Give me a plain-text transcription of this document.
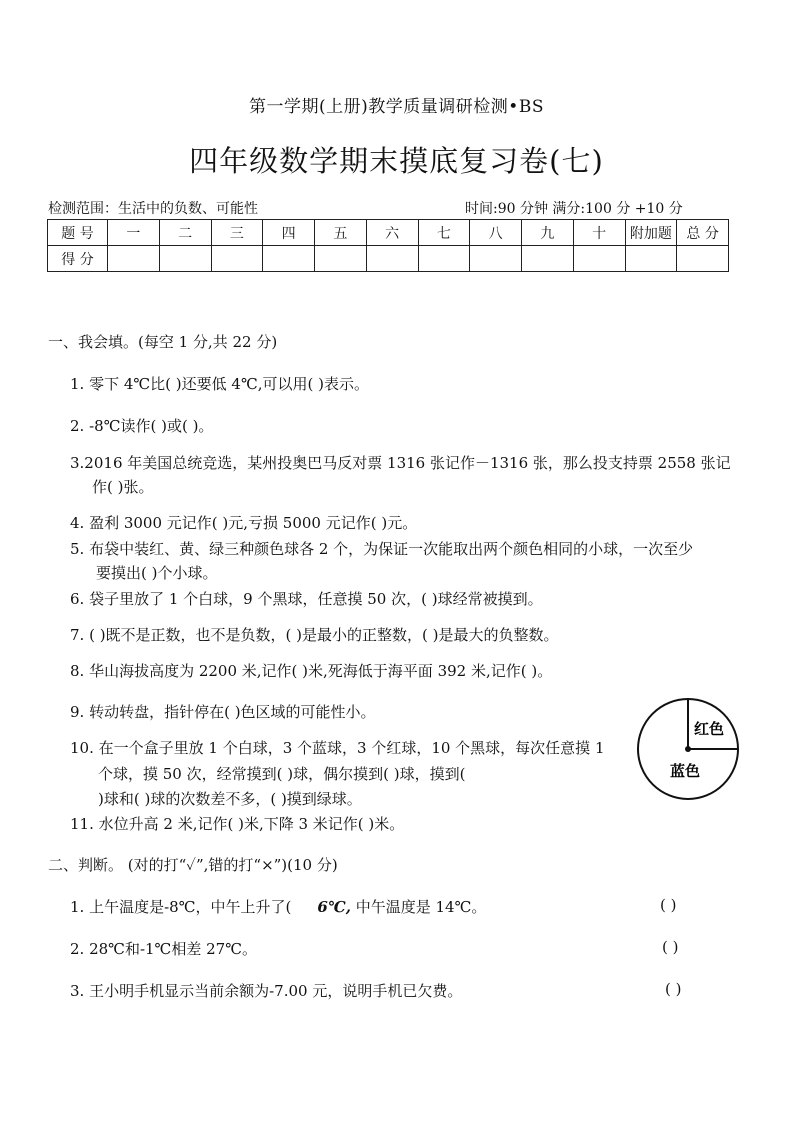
第一学期(上册)教学质量调研检测•BS
四年级数学期末摸底复习卷(七)
检测范围：生活中的负数、可能性	时间:90 分钟 满分:100 分 +10 分
题 号	一	二	三	四	五	六	七	八	九	十	附加题	总 分
得 分												
一、我会填。(每空 1 分,共 22 分)
1. 零下 4℃比( )还要低 4℃,可以用( )表示。
2. -8℃读作( )或( )。
3.2016 年美国总统竞选，某州投奥巴马反对票 1316 张记作－1316 张，那么投支持票 2558 张记
作( )张。
4. 盈利 3000 元记作( )元,亏损 5000 元记作( )元。
5. 布袋中装红、黄、绿三种颜色球各 2 个，为保证一次能取出两个颜色相同的小球，一次至少
要摸出( )个小球。
6. 袋子里放了 1 个白球，9 个黑球，任意摸 50 次，( )球经常被摸到。
7. ( )既不是正数，也不是负数，( )是最小的正整数，( )是最大的负整数。
8. 华山海拔高度为 2200 米,记作( )米,死海低于海平面 392 米,记作( )。
9. 转动转盘，指针停在( )色区域的可能性小。
10. 在一个盒子里放 1 个白球，3 个蓝球，3 个红球，10 个黑球，每次任意摸 1
个球，摸 50 次，经常摸到( )球，偶尔摸到( )球，摸到(
)球和( )球的次数差不多，( )摸到绿球。
11. 水位升高 2 米,记作( )米,下降 3 米记作( )米。
红色
蓝色
二、判断。 (对的打“✓”,错的打“×”)(10 分)
1. 上午温度是-8℃，中午上升了( 6℃, 中午温度是 14℃。	( )
2. 28℃和-1℃相差 27℃。	( )
3. 王小明手机显示当前余额为-7.00 元，说明手机已欠费。	( )
